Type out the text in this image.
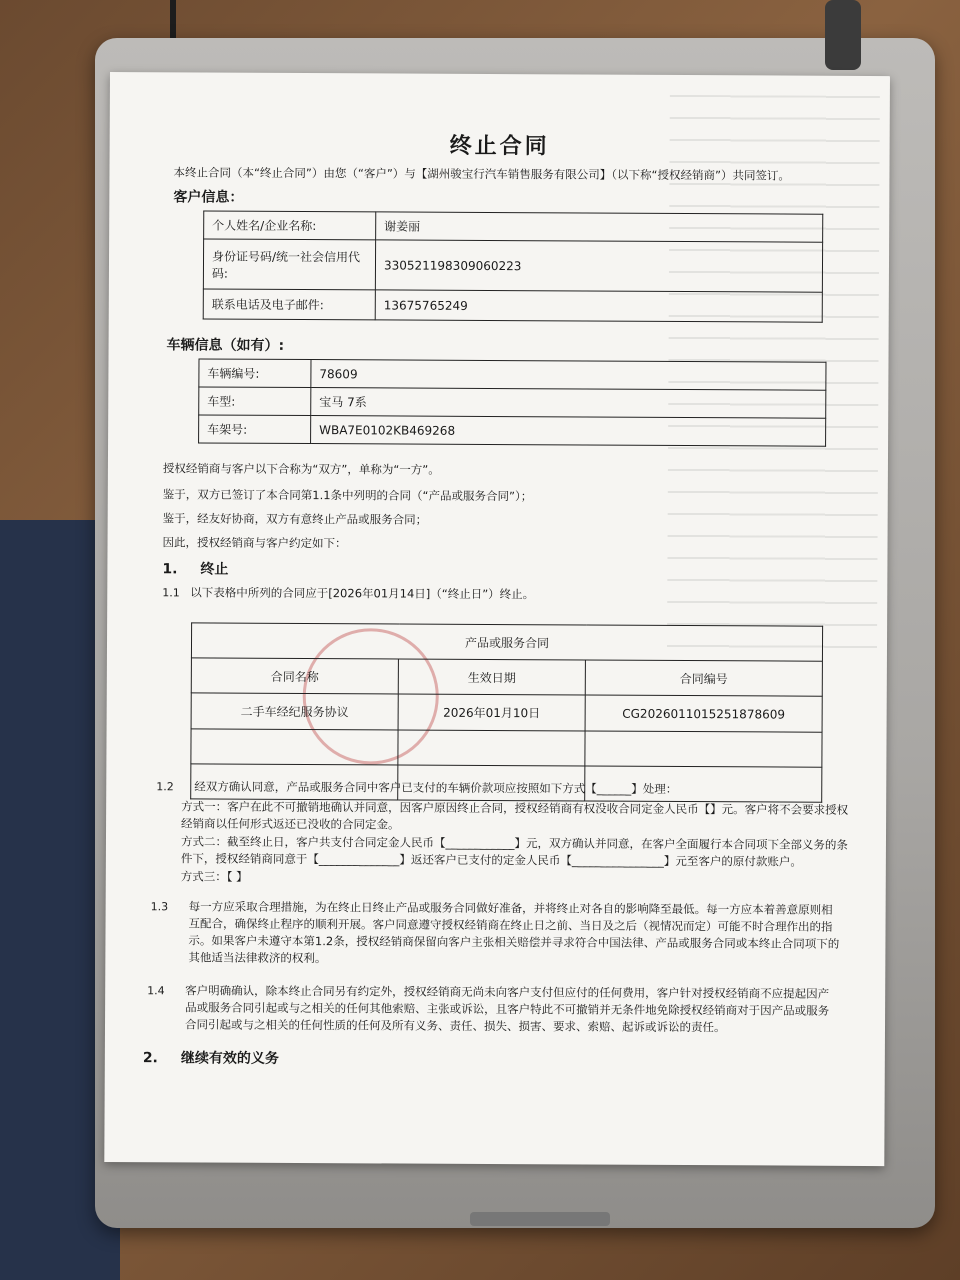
终止合同
本终止合同（本“终止合同”）由您（“客户”）与【湖州骏宝行汽车销售服务有限公司】（以下称“授权经销商”）共同签订。
客户信息：
个人姓名/企业名称:	谢姜丽
身份证号码/统一社会信用代码:	330521198309060223
联系电话及电子邮件:	13675765249
车辆信息（如有）:
车辆编号:	78609
车型:	宝马 7系
车架号:	WBA7E0102KB469268
授权经销商与客户以下合称为“双方”，单称为“一方”。
鉴于，双方已签订了本合同第1.1条中列明的合同（“产品或服务合同”）；
鉴于，经友好协商，双方有意终止产品或服务合同；
因此，授权经销商与客户约定如下：
1. 终止
1.1 以下表格中所列的合同应于[2026年01月14日]（“终止日”）终止。
产品或服务合同		
合同名称	生效日期	合同编号
二手车经纪服务协议	2026年01月10日	CG20260110152518786​09

1.2 经双方确认同意，产品或服务合同中客户已支付的车辆价款项应按照如下方式【______】处理：
方式一：客户在此不可撤销地确认并同意，因客户原因终止合同，授权经销商有权没收合同定金人民币【】元。客户将不会要求授权经销商以任何形式返还已没收的合同定金。
方式二：截至终止日，客户共支付合同定金人民币【____________】元，双方确认并同意，在客户全面履行本合同项下全部义务的条件下，授权经销商同意于【______________】返还客户已支付的定金人民币【________________】元至客户的原付款账户。
方式三：【 】
1.3 每一方应采取合理措施，为在终止日终止产品或服务合同做好准备，并将终止对各自的影响降至最低。每一方应本着善意原则相互配合，确保终止程序的顺利开展。客户同意遵守授权经销商在终止日之前、当日及之后（视情况而定）可能不时合理作出的指示。如果客户未遵守本第1.2条，授权经销商保留向客户主张相关赔偿并寻求符合中国法律、产品或服务合同或本终止合同项下的其他适当法律救济的权利。
1.4 客户明确确认，除本终止合同另有约定外，授权经销商无尚未向客户支付但应付的任何费用，客户针对授权经销商不应提起因产品或服务合同引起或与之相关的任何其他索赔、主张或诉讼，且客户特此不可撤销并无条件地免除授权经销商对于因产品或服务合同引起或与之相关的任何性质的任何及所有义务、责任、损失、损害、要求、索赔、起诉或诉讼的责任。
2. 继续有效的义务
